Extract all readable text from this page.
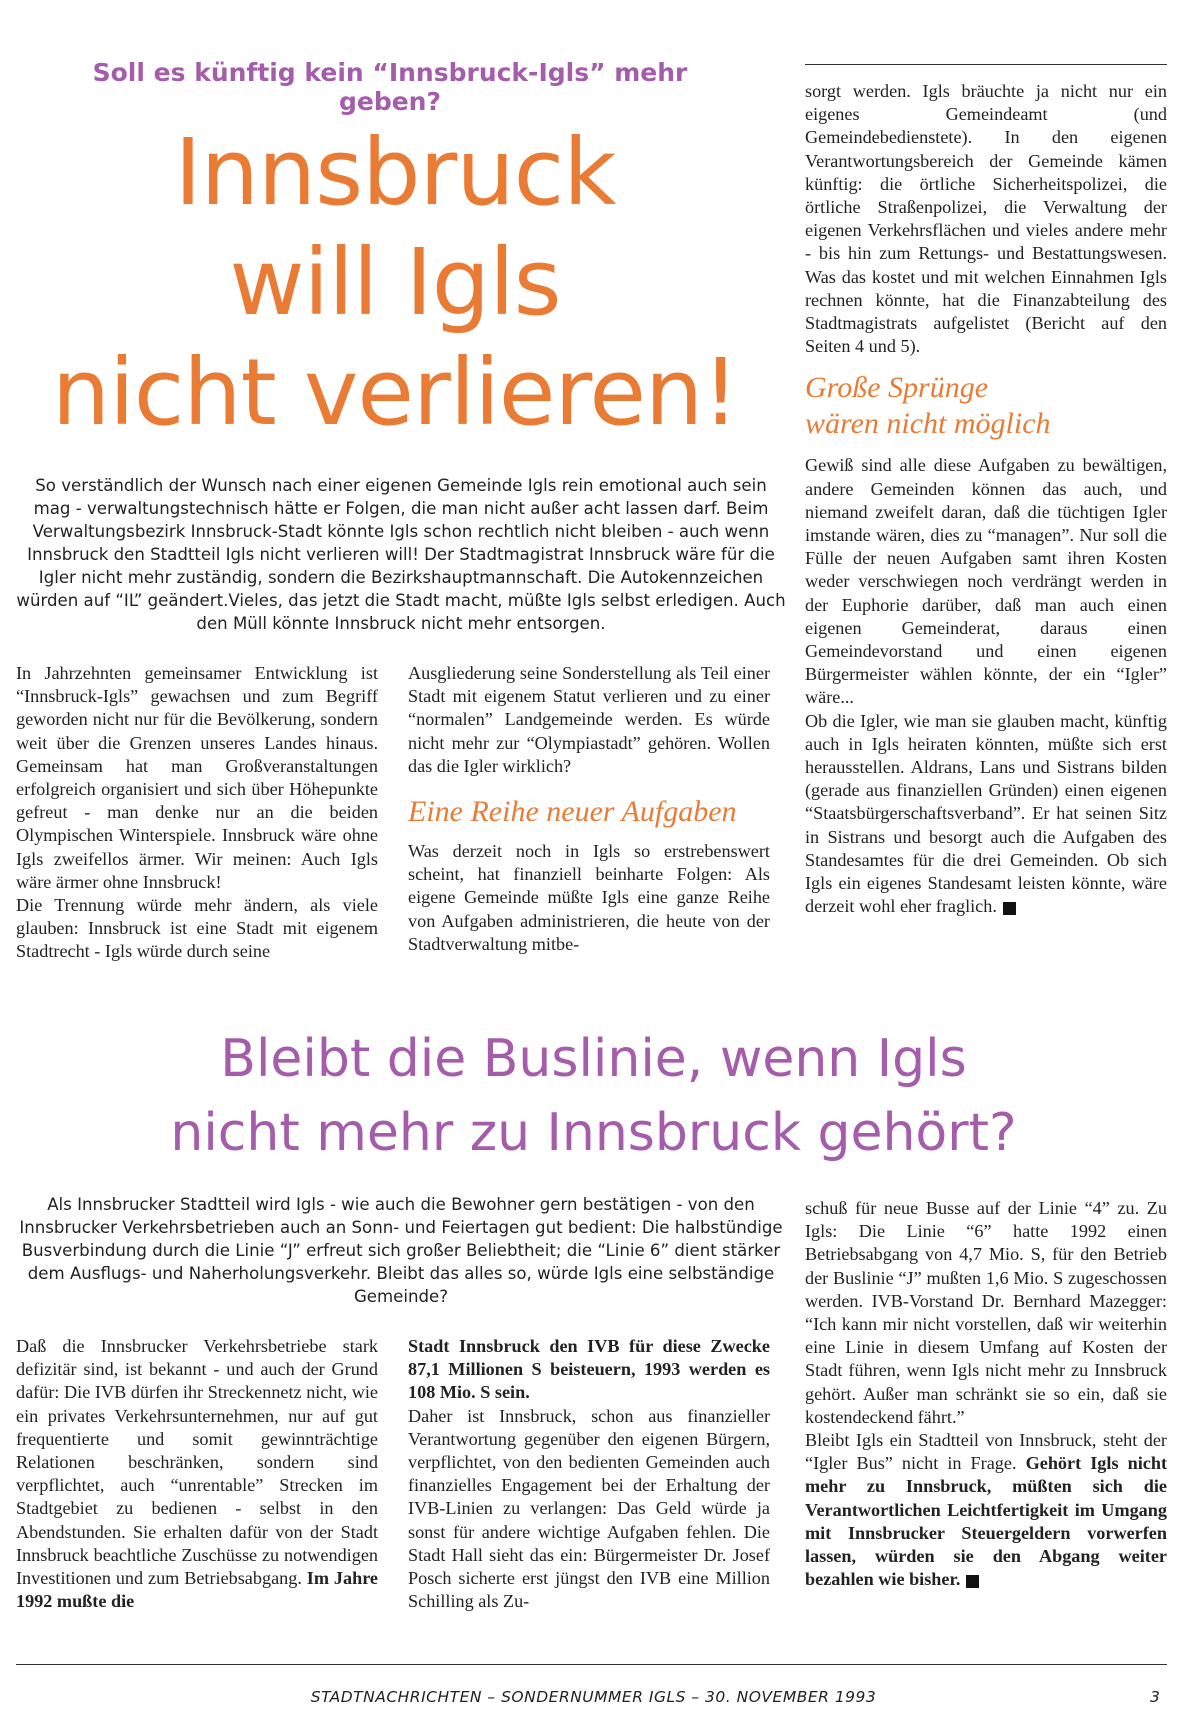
Soll es künftig kein “Innsbruck-Igls” mehr geben?
Innsbruck
will Igls
nicht verlieren!
So verständlich der Wunsch nach einer eigenen Gemeinde Igls rein emotional auch sein mag - verwaltungstechnisch hätte er Folgen, die man nicht außer acht lassen darf. Beim Verwaltungsbezirk Innsbruck-Stadt könnte Igls schon rechtlich nicht bleiben - auch wenn Innsbruck den Stadtteil Igls nicht verlieren will! Der Stadtmagistrat Innsbruck wäre für die Igler nicht mehr zuständig, sondern die Bezirkshauptmannschaft. Die Autokennzeichen würden auf “IL” geändert.Vieles, das jetzt die Stadt macht, müßte Igls selbst erledigen. Auch den Müll könnte Innsbruck nicht mehr entsorgen.

In Jahrzehnten gemeinsamer Entwicklung ist “Innsbruck-Igls” gewachsen und zum Begriff geworden nicht nur für die Bevölkerung, sondern weit über die Grenzen unseres Landes hinaus. Gemeinsam hat man Großveranstaltungen erfolgreich organisiert und sich über Höhepunkte gefreut - man denke nur an die beiden Olympischen Winterspiele. Innsbruck wäre ohne Igls zweifellos ärmer. Wir meinen: Auch Igls wäre ärmer ohne Innsbruck!

Die Trennung würde mehr ändern, als viele glauben: Innsbruck ist eine Stadt mit eigenem Stadtrecht - Igls würde durch seine

Ausgliederung seine Sonderstellung als Teil einer Stadt mit eigenem Statut verlieren und zu einer “normalen” Landgemeinde werden. Es würde nicht mehr zur “Olympiastadt” gehören. Wollen das die Igler wirklich?

Eine Reihe neuer Aufgaben

Was derzeit noch in Igls so erstrebenswert scheint, hat finanziell beinharte Folgen: Als eigene Gemeinde müßte Igls eine ganze Reihe von Aufgaben administrieren, die heute von der Stadtverwaltung mitbe-

sorgt werden. Igls bräuchte ja nicht nur ein eigenes Gemeindeamt (und Gemeindebedienstete). In den eigenen Verantwortungsbereich der Gemeinde kämen künftig: die örtliche Sicherheitspolizei, die örtliche Straßenpolizei, die Verwaltung der eigenen Verkehrsflächen und vieles andere mehr - bis hin zum Rettungs- und Bestattungswesen. Was das kostet und mit welchen Einnahmen Igls rechnen könnte, hat die Finanzabteilung des Stadtmagistrats aufgelistet (Bericht auf den Seiten 4 und 5).

Große Sprünge
wären nicht möglich

Gewiß sind alle diese Aufgaben zu bewältigen, andere Gemeinden können das auch, und niemand zweifelt daran, daß die tüchtigen Igler imstande wären, dies zu “managen”. Nur soll die Fülle der neuen Aufgaben samt ihren Kosten weder verschwiegen noch verdrängt werden in der Euphorie darüber, daß man auch einen eigenen Gemeinderat, daraus einen Gemeindevorstand und einen eigenen Bürgermeister wählen könnte, der ein “Igler” wäre...

Ob die Igler, wie man sie glauben macht, künftig auch in Igls heiraten könnten, müßte sich erst herausstellen. Aldrans, Lans und Sistrans bilden (gerade aus finanziellen Gründen) einen eigenen “Staatsbürgerschaftsverband”. Er hat seinen Sitz in Sistrans und besorgt auch die Aufgaben des Standesamtes für die drei Gemeinden. Ob sich Igls ein eigenes Standesamt leisten könnte, wäre derzeit wohl eher fraglich.

Bleibt die Buslinie, wenn Igls
nicht mehr zu Innsbruck gehört?
Als Innsbrucker Stadtteil wird Igls - wie auch die Bewohner gern bestätigen - von den Innsbrucker Verkehrsbetrieben auch an Sonn- und Feiertagen gut bedient: Die halbstündige Busverbindung durch die Linie “J” erfreut sich großer Beliebtheit; die “Linie 6” dient stärker dem Ausflugs- und Naherholungsverkehr. Bleibt das alles so, würde Igls eine selbständige Gemeinde?

Daß die Innsbrucker Verkehrsbetriebe stark defizitär sind, ist bekannt - und auch der Grund dafür: Die IVB dürfen ihr Streckennetz nicht, wie ein privates Verkehrsunternehmen, nur auf gut frequentierte und somit gewinnträchtige Relationen beschränken, sondern sind verpflichtet, auch “unrentable” Strecken im Stadtgebiet zu bedienen - selbst in den Abendstunden. Sie erhalten dafür von der Stadt Innsbruck beachtliche Zuschüsse zu notwendigen Investitionen und zum Betriebsabgang. Im Jahre 1992 mußte die

Stadt Innsbruck den IVB für diese Zwecke 87,1 Millionen S beisteuern, 1993 werden es 108 Mio. S sein.

Daher ist Innsbruck, schon aus finanzieller Verantwortung gegenüber den eigenen Bürgern, verpflichtet, von den bedienten Gemeinden auch finanzielles Engagement bei der Erhaltung der IVB-Linien zu verlangen: Das Geld würde ja sonst für andere wichtige Aufgaben fehlen. Die Stadt Hall sieht das ein: Bürgermeister Dr. Josef Posch sicherte erst jüngst den IVB eine Million Schilling als Zu-

schuß für neue Busse auf der Linie “4” zu. Zu Igls: Die Linie “6” hatte 1992 einen Betriebsabgang von 4,7 Mio. S, für den Betrieb der Buslinie “J” mußten 1,6 Mio. S zugeschossen werden. IVB-Vorstand Dr. Bernhard Mazegger: “Ich kann mir nicht vorstellen, daß wir weiterhin eine Linie in diesem Umfang auf Kosten der Stadt führen, wenn Igls nicht mehr zu Innsbruck gehört. Außer man schränkt sie so ein, daß sie kostendeckend fährt.”

Bleibt Igls ein Stadtteil von Innsbruck, steht der “Igler Bus” nicht in Frage. Gehört Igls nicht mehr zu Innsbruck, müßten sich die Verantwortlichen Leichtfertigkeit im Umgang mit Innsbrucker Steuergeldern vorwerfen lassen, würden sie den Abgang weiter bezahlen wie bisher.

STADTNACHRICHTEN – SONDERNUMMER IGLS – 30. NOVEMBER 1993	3
